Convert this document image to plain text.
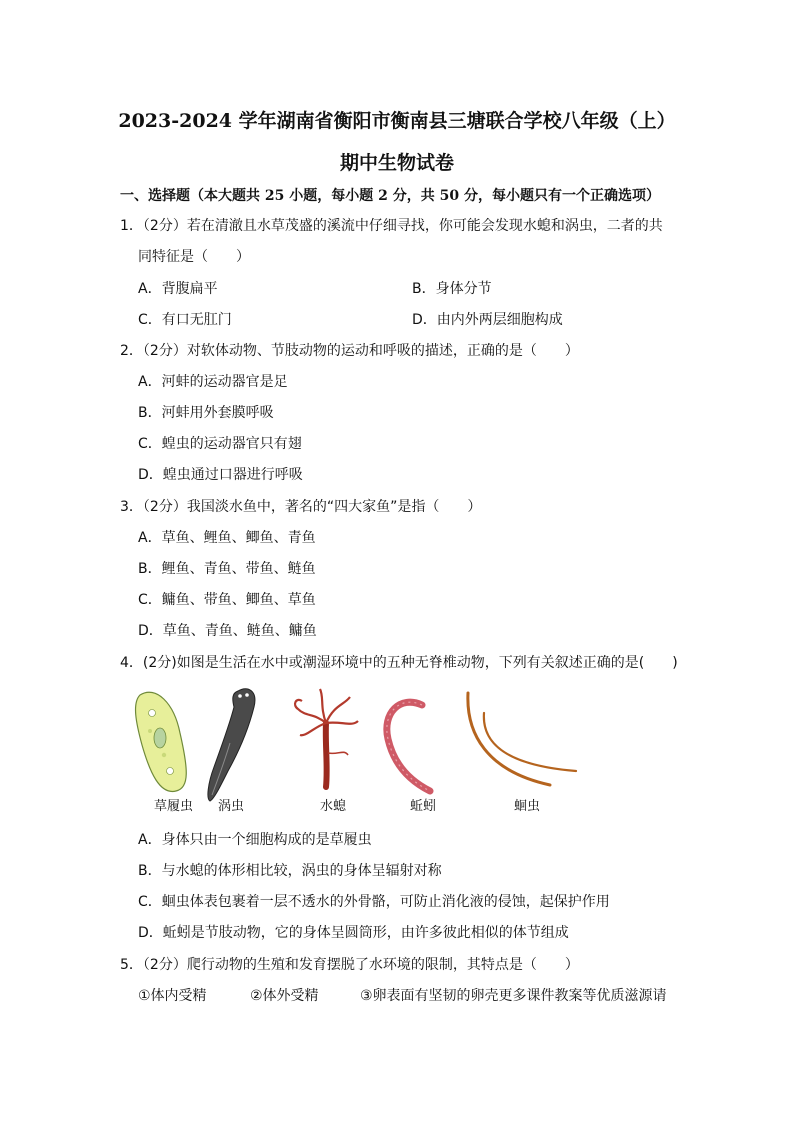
2023-2024 学年湖南省衡阳市衡南县三塘联合学校八年级（上）
期中生物试卷
一、选择题（本大题共 25 小题，每小题 2 分，共 50 分，每小题只有一个正确选项）
1．（2分）若在清澈且水草茂盛的溪流中仔细寻找，你可能会发现水螅和涡虫，二者的共
同特征是（　　）
A．背腹扁平	B．身体分节
C．有口无肛门	D．由内外两层细胞构成
2．（2分）对软体动物、节肢动物的运动和呼吸的描述，正确的是（　　）
A．河蚌的运动器官是足
B．河蚌用外套膜呼吸
C．蝗虫的运动器官只有翅
D．蝗虫通过口器进行呼吸
3．（2分）我国淡水鱼中，著名的“四大家鱼”是指（　　）
A．草鱼、鲤鱼、鲫鱼、青鱼
B．鲤鱼、青鱼、带鱼、鲢鱼
C．鳙鱼、带鱼、鲫鱼、草鱼
D．草鱼、青鱼、鲢鱼、鳙鱼
4．(2分)如图是生活在水中或潮湿环境中的五种无脊椎动物，下列有关叙述正确的是(　　)
草履虫 涡虫	水螅	蚯蚓	蛔虫
A．身体只由一个细胞构成的是草履虫
B．与水螅的体形相比较，涡虫的身体呈辐射对称
C．蛔虫体表包裹着一层不透水的外骨骼，可防止消化液的侵蚀，起保护作用
D．蚯蚓是节肢动物，它的身体呈圆筒形，由许多彼此相似的体节组成
5．（2分）爬行动物的生殖和发育摆脱了水环境的限制，其特点是（　　）
①体内受精	②体外受精	③卵表面有坚韧的卵壳更多课件教案等优质滋源请
